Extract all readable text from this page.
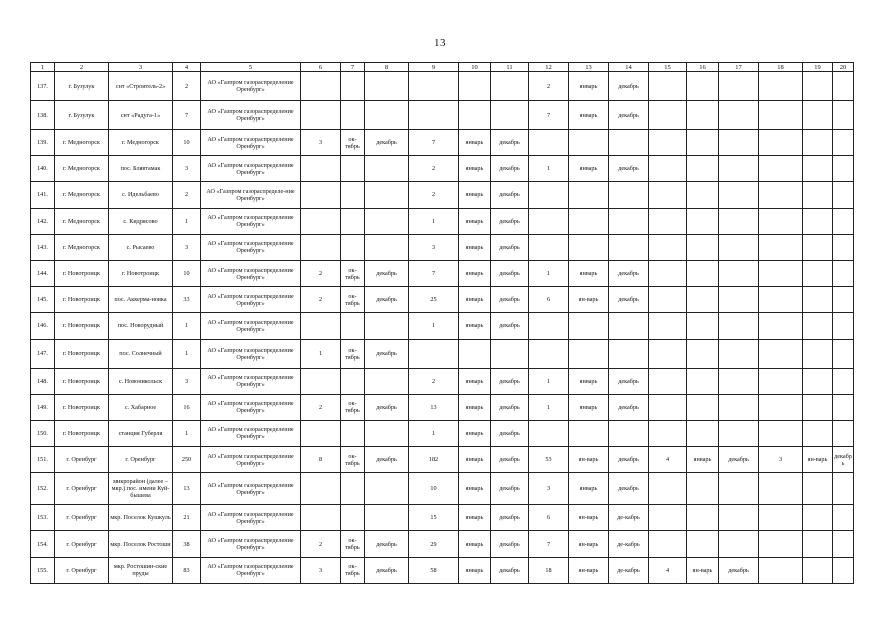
13
1	2	3	4	5	6	7	8	9	10	11	12	13	14	15	16	17	18	19	20
137.	г. Бузулук	снт «Строитель-2»	2	АО «Газпром газораспределение Оренбург»							2	январь	декабрь						
138.	г. Бузулук	снт «Радуга-1»	7	АО «Газпром газораспределение Оренбург»							7	январь	декабрь						
139.	г. Медногорск	г. Медногорск	10	АО «Газпром газораспределение Оренбург»	3	ок-тябрь	декабрь	7	январь	декабрь									
140.	г. Медногорск	пос. Блявтамак	3	АО «Газпром газораспределение Оренбург»				2	январь	декабрь	1	январь	декабрь						
141.	г. Медногорск	с. Идельбаево	2	АО «Газпром газораспределе-ние Оренбург»				2	январь	декабрь									
142.	г. Медногорск	с. Кидрясово	1	АО «Газпром газораспределение Оренбург»				1	январь	декабрь									
143.	г. Медногорск	с. Рысаево	3	АО «Газпром газораспределение Оренбург»				3	январь	декабрь									
144.	г. Новотроицк	г. Новотроицк	10	АО «Газпром газораспределение Оренбург»	2	ок-тябрь	декабрь	7	январь	декабрь	1	январь	декабрь						
145.	г. Новотроицк	пос. Аккерма-новка	33	АО «Газпром газораспределение Оренбург»	2	ок-тябрь	декабрь	25	январь	декабрь	6	ян-варь	декабрь						
146.	г. Новотроицк	пос. Новорудный	1	АО «Газпром газораспределение Оренбург»				1	январь	декабрь									
147.	г. Новотроицк	пос. Солнечный	1	АО «Газпром газораспределение Оренбург»	1	ок-тябрь	декабрь												
148.	г. Новотроицк	с. Новоникольск	3	АО «Газпром газораспределение Оренбург»				2	январь	декабрь	1	январь	декабрь						
149.	г. Новотроицк	с. Хабарное	16	АО «Газпром газораспределение Оренбург»	2	ок-тябрь	декабрь	13	январь	декабрь	1	январь	декабрь						
150.	г. Новотроицк	станция Губерля	1	АО «Газпром газораспределение Оренбург»				1	январь	декабрь									
151.	г. Оренбург	г. Оренбург	250	АО «Газпром газораспределение Оренбург»	8	ок-тябрь	декабрь	182	январь	декабрь	53	ян-варь	декабрь	4	январь	декабрь	3	ян-варь	декабрь
152.	г. Оренбург	микрорайон (далее – мкр.) пос. имени Куй-бышева	13	АО «Газпром газораспределение Оренбург»				10	январь	декабрь	3	январь	декабрь						
153.	г. Оренбург	мкр. Поселок Кушкуль	21	АО «Газпром газораспределение Оренбург»				15	январь	декабрь	6	ян-варь	де-кабрь						
154.	г. Оренбург	мкр. Поселок Ростоши	38	АО «Газпром газораспределение Оренбург»	2	ок-тябрь	декабрь	29	январь	декабрь	7	ян-варь	де-кабрь						
155.	г. Оренбург	мкр. Ростошин-ские пруды	83	АО «Газпром газораспределение Оренбург»	3	ок-тябрь	декабрь	58	январь	декабрь	18	ян-варь	де-кабрь	4	ян-варь	декабрь			
